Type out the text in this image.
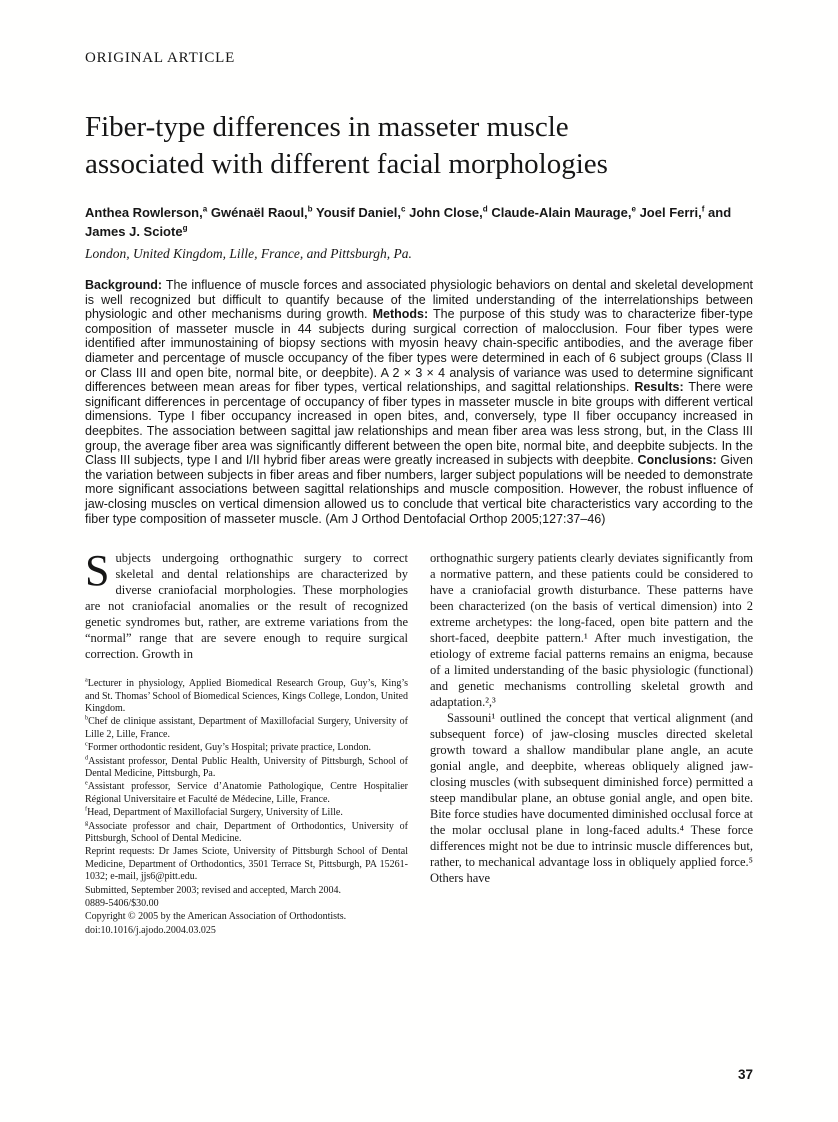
ORIGINAL ARTICLE
Fiber-type differences in masseter muscle associated with different facial morphologies
Anthea Rowlerson,$^a$ Gwénaël Raoul,$^b$ Yousif Daniel,$^c$ John Close,$^d$ Claude-Alain Maurage,$^e$ Joel Ferri,$^f$ and James J. Sciote$^g$
London, United Kingdom, Lille, France, and Pittsburgh, Pa.
Background: The influence of muscle forces and associated physiologic behaviors on dental and skeletal development is well recognized but difficult to quantify because of the limited understanding of the interrelationships between physiologic and other mechanisms during growth. Methods: The purpose of this study was to characterize fiber-type composition of masseter muscle in 44 subjects during surgical correction of malocclusion. Four fiber types were identified after immunostaining of biopsy sections with myosin heavy chain-specific antibodies, and the average fiber diameter and percentage of muscle occupancy of the fiber types were determined in each of 6 subject groups (Class II or Class III and open bite, normal bite, or deepbite). A 2 × 3 × 4 analysis of variance was used to determine significant differences between mean areas for fiber types, vertical relationships, and sagittal relationships. Results: There were significant differences in percentage of occupancy of fiber types in masseter muscle in bite groups with different vertical dimensions. Type I fiber occupancy increased in open bites, and, conversely, type II fiber occupancy increased in deepbites. The association between sagittal jaw relationships and mean fiber area was less strong, but, in the Class III group, the average fiber area was significantly different between the open bite, normal bite, and deepbite subjects. In the Class III subjects, type I and I/II hybrid fiber areas were greatly increased in subjects with deepbite. Conclusions: Given the variation between subjects in fiber areas and fiber numbers, larger subject populations will be needed to demonstrate more significant associations between sagittal relationships and muscle composition. However, the robust influence of jaw-closing muscles on vertical dimension allowed us to conclude that vertical bite characteristics vary according to the fiber type composition of masseter muscle. (Am J Orthod Dentofacial Orthop 2005;127:37–46)

Subjects undergoing orthognathic surgery to correct skeletal and dental relationships are characterized by diverse craniofacial morphologies. These morphologies are not craniofacial anomalies or the result of recognized genetic syndromes but, rather, are extreme variations from the “normal” range that are severe enough to require surgical correction. Growth in

$^a$Lecturer in physiology, Applied Biomedical Research Group, Guy’s, King’s and St. Thomas’ School of Biomedical Sciences, Kings College, London, United Kingdom.

$^b$Chef de clinique assistant, Department of Maxillofacial Surgery, University of Lille 2, Lille, France.

$^c$Former orthodontic resident, Guy’s Hospital; private practice, London.

$^d$Assistant professor, Dental Public Health, University of Pittsburgh, School of Dental Medicine, Pittsburgh, Pa.

$^e$Assistant professor, Service d’Anatomie Pathologique, Centre Hospitalier Régional Universitaire et Faculté de Médecine, Lille, France.

$^f$Head, Department of Maxillofacial Surgery, University of Lille.

$^g$Associate professor and chair, Department of Orthodontics, University of Pittsburgh, School of Dental Medicine.

Reprint requests: Dr James Sciote, University of Pittsburgh School of Dental Medicine, Department of Orthodontics, 3501 Terrace St, Pittsburgh, PA 15261-1032; e-mail, jjs6@pitt.edu.

Submitted, September 2003; revised and accepted, March 2004.

0889-5406/$30.00

Copyright © 2005 by the American Association of Orthodontists.

doi:10.1016/j.ajodo.2004.03.025

orthognathic surgery patients clearly deviates significantly from a normative pattern, and these patients could be considered to have a craniofacial growth disturbance. These patterns have been characterized (on the basis of vertical dimension) into 2 extreme archetypes: the long-faced, open bite pattern and the short-faced, deepbite pattern.¹ After much investigation, the etiology of extreme facial patterns remains an enigma, because of a limited understanding of the basic physiologic (functional) and genetic mechanisms controlling skeletal growth and adaptation.²,³

Sassouni¹ outlined the concept that vertical alignment (and subsequent force) of jaw-closing muscles directed skeletal growth toward a shallow mandibular plane angle, an acute gonial angle, and deepbite, whereas obliquely aligned jaw-closing muscles (with subsequent diminished force) permitted a steep mandibular plane, an obtuse gonial angle, and open bite. Bite force studies have documented diminished occlusal force at the molar occlusal plane in long-faced adults.⁴ These force differences might not be due to intrinsic muscle differences but, rather, to mechanical advantage loss in obliquely applied force.⁵ Others have

37
